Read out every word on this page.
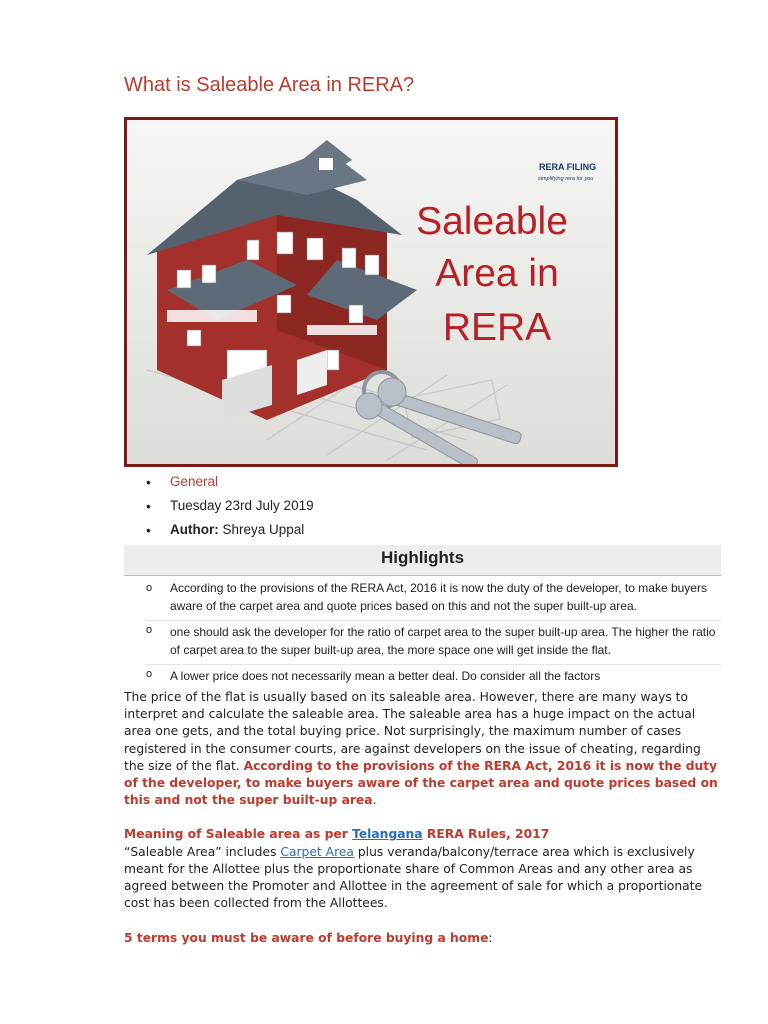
What is Saleable Area in RERA?
RERA FILING
simplifying rera for you
Saleable
Area in
RERA
• General
• Tuesday 23rd July 2019
• Author: Shreya Uppal
Highlights
o According to the provisions of the RERA Act, 2016 it is now the duty of the developer, to make buyers aware of the carpet area and quote prices based on this and not the super built-up area.
o one should ask the developer for the ratio of carpet area to the super built-up area. The higher the ratio of carpet area to the super built-up area, the more space one will get inside the flat.
o A lower price does not necessarily mean a better deal. Do consider all the factors

The price of the flat is usually based on its saleable area. However, there are many ways to interpret and calculate the saleable area. The saleable area has a huge impact on the actual area one gets, and the total buying price. Not surprisingly, the maximum number of cases registered in the consumer courts, are against developers on the issue of cheating, regarding the size of the flat. According to the provisions of the RERA Act, 2016 it is now the duty of the developer, to make buyers aware of the carpet area and quote prices based on this and not the super built-up area.

Meaning of Saleable area as per Telangana RERA Rules, 2017
“Saleable Area” includes Carpet Area plus veranda/balcony/terrace area which is exclusively meant for the Allottee plus the proportionate share of Common Areas and any other area as agreed between the Promoter and Allottee in the agreement of sale for which a proportionate cost has been collected from the Allottees.

5 terms you must be aware of before buying a home:
